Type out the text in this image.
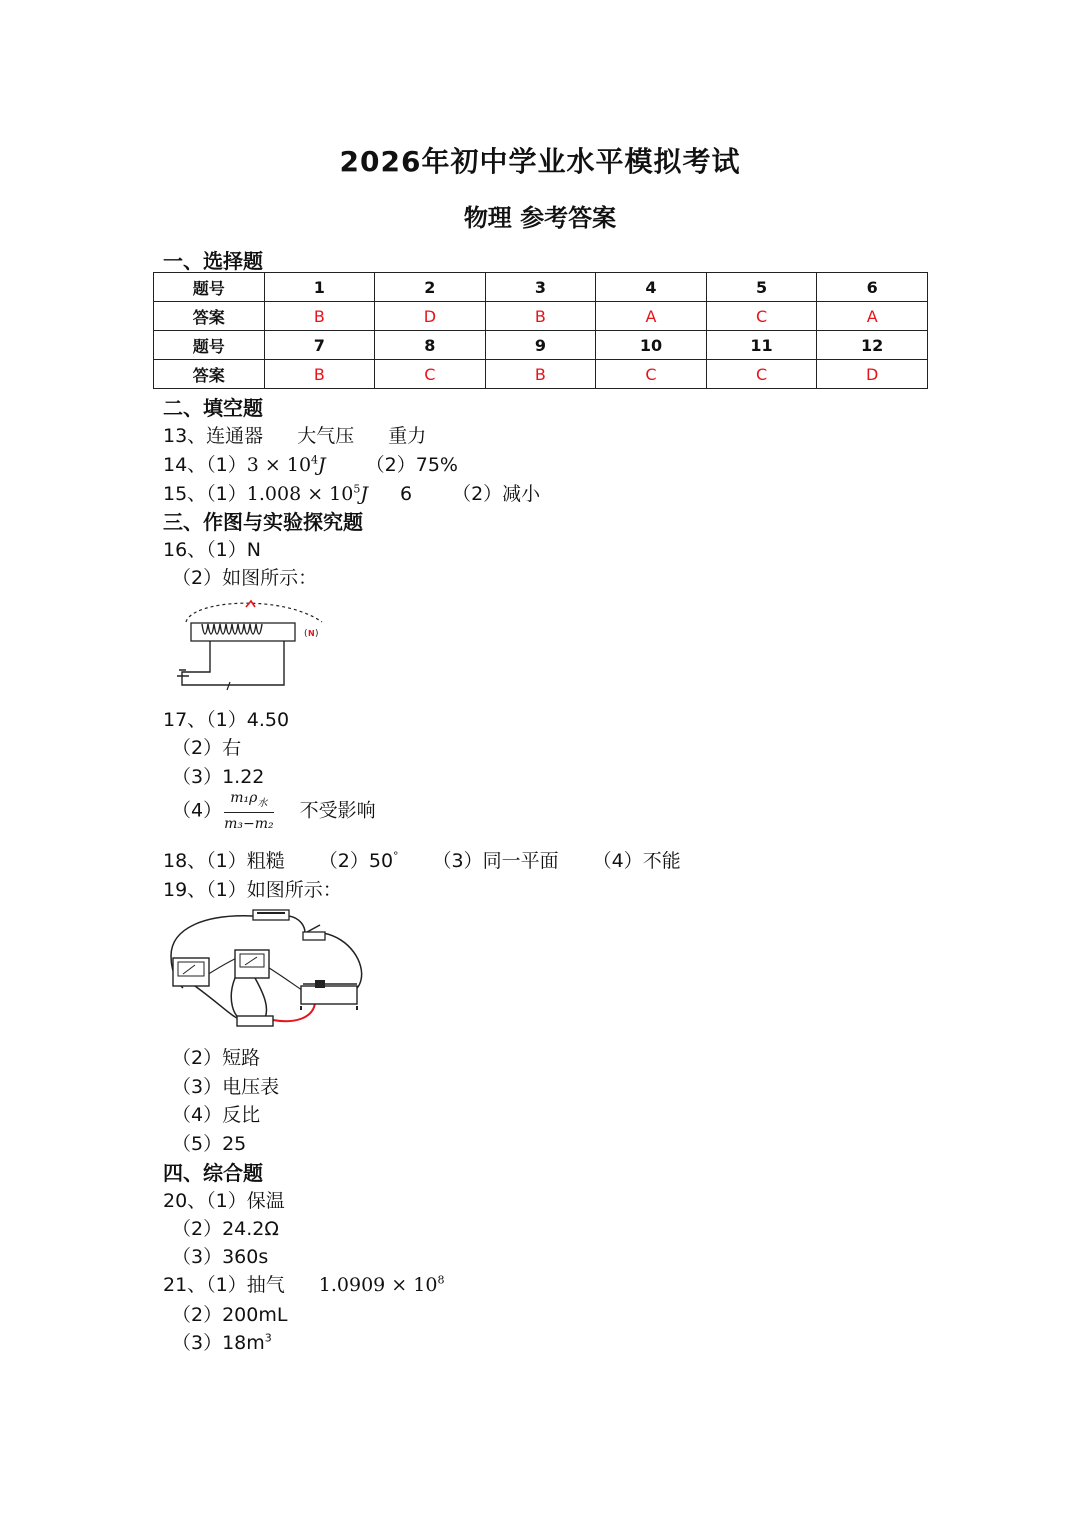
2026年初中学业水平模拟考试
物理 参考答案
一、选择题
题号	1	2	3	4	5	6
答案	B	D	B	A	C	A
题号	7	8	9	10	11	12
答案	B	C	B	C	C	D
二、填空题
13、连通器 大气压 重力
14、$(1)3 \times 10^4J$ （2）75%
15、$(1)1.008 \times 10^5J$ 6 （2）减小
三、作图与实验探究题
16、（1）N
（2）如图所示：
( N )
17、（1）4.50
（2）右
（3）1.22
$(4) \frac{m_1\rho_水}{\text{m₃−m₂}}$ 不受影响
18、（1）粗糙 （2）50° （3）同一平面 （4）不能
19、（1）如图所示：
（2）短路
（3）电压表
（4）反比
（5）25
四、综合题
20、（1）保温
（2）24.2Ω
（3）360s
21、（1）抽气 $1.0909 \times 10^8$
（2）200mL
$(3)18m^3$
